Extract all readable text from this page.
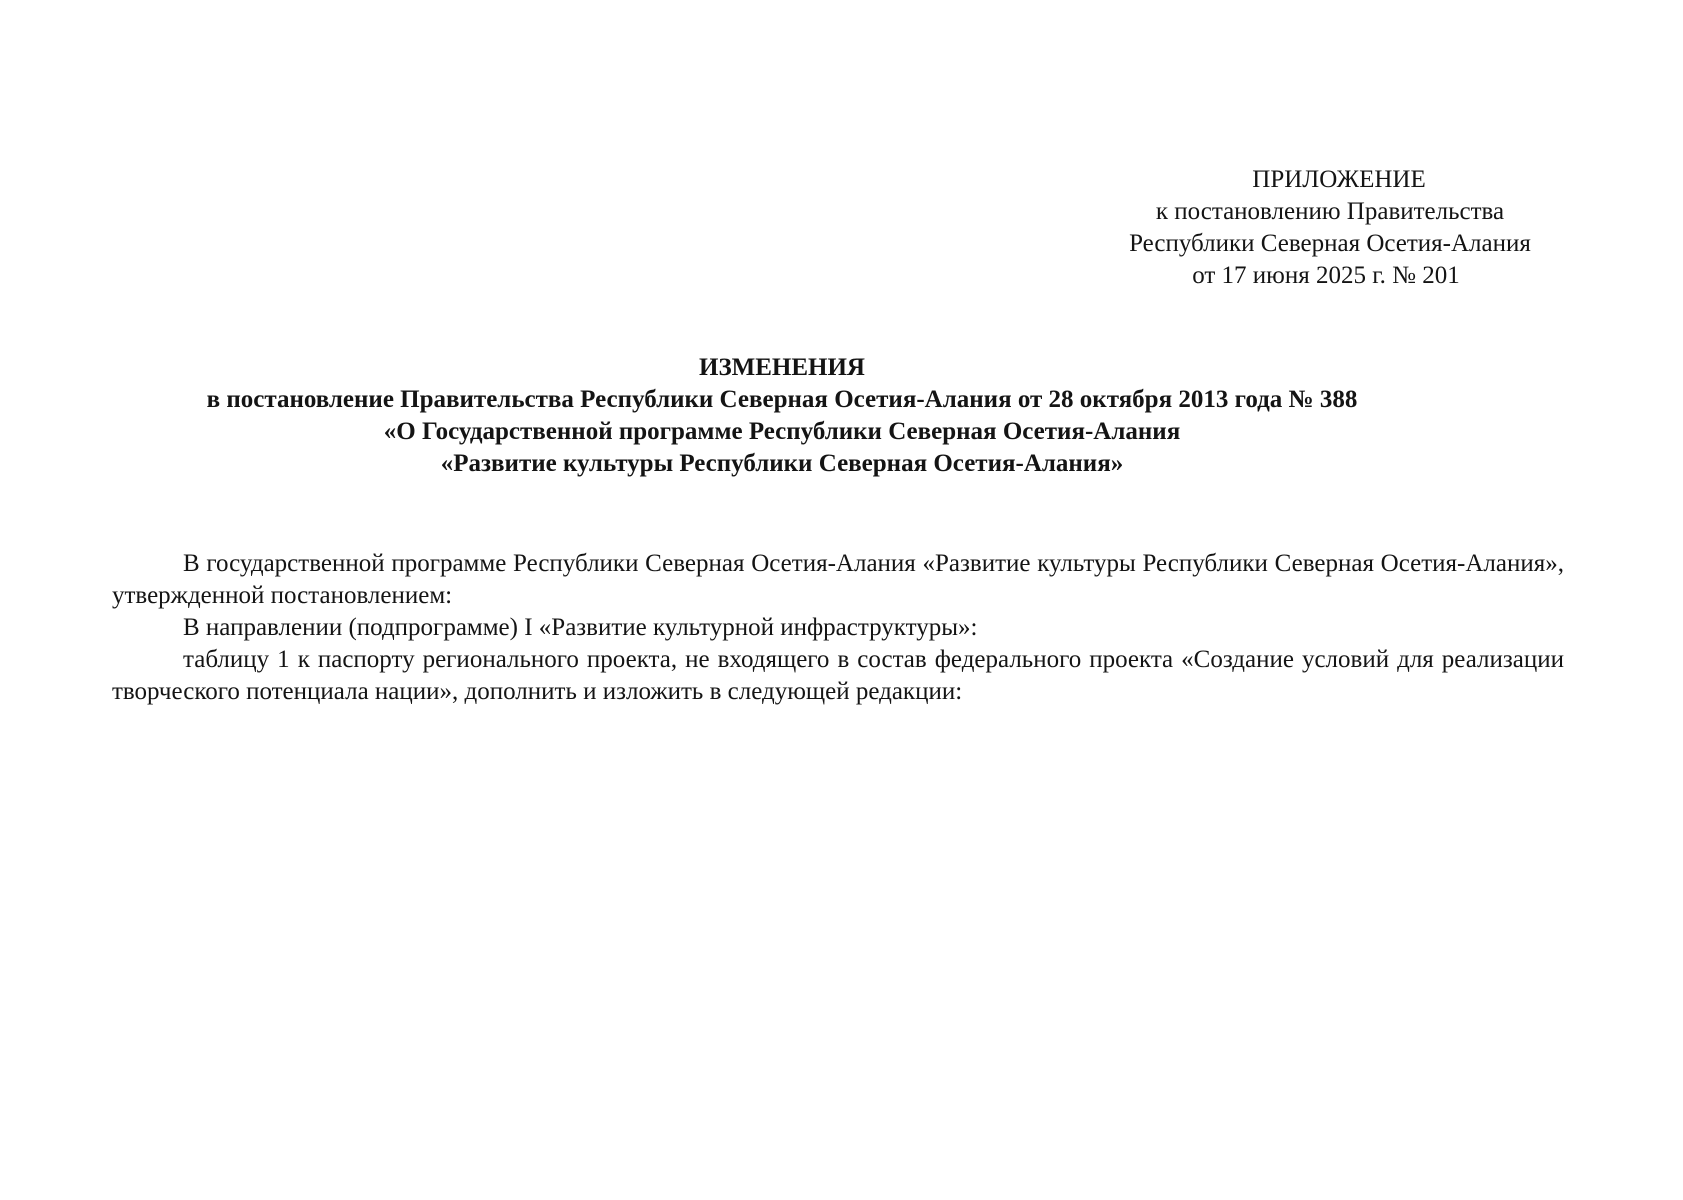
ПРИЛОЖЕНИЕ
к постановлению Правительства
Республики Северная Осетия-Алания
от 17 июня 2025 г. № 201
ИЗМЕНЕНИЯ
в постановление Правительства Республики Северная Осетия-Алания от 28 октября 2013 года № 388
«О Государственной программе Республики Северная Осетия-Алания
«Развитие культуры Республики Северная Осетия-Алания»

В государственной программе Республики Северная Осетия-Алания «Развитие культуры Республики Северная Осетия-Алания», утвержденной постановлением:

В направлении (подпрограмме) I «Развитие культурной инфраструктуры»:

таблицу 1 к паспорту регионального проекта, не входящего в состав федерального проекта «Создание условий для реализации творческого потенциала нации», дополнить и изложить в следующей редакции:
